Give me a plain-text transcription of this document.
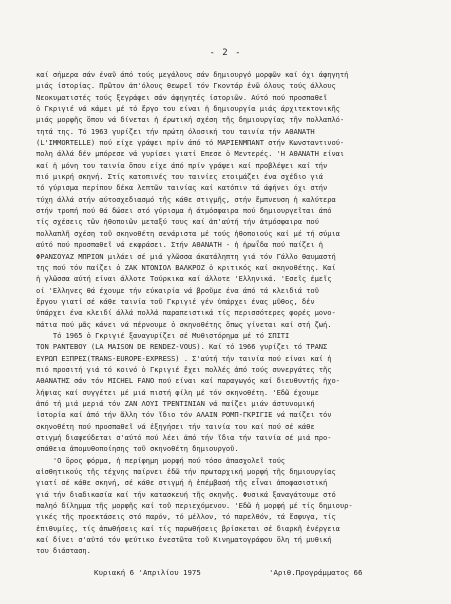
- 2 -
καί σήμερα σάν ένα̃ν άπό τούς μεγάλους σάν δημιουργό μορφῶν καί όχι άφηγητή
μιάς ίστορίας. Πρῶτον ἀπ'όλους θεωρεῖ τόν Γκοντάρ ἐνῶ όλους τούς άλλους
Νεοκυματιστές τούς ξεγράφει σάν άφηγητές ίστοριῶν. Αύτό πού προσπαθεῖ
ὁ Γκριγιέ νά κάμει μέ τό ἔργο του είναι ἡ δημιουργία μιάς άρχιτεκτονικῆς
μιάς μορφῆς ὅπου νά δίνεται ἡ έρωτική σχέση τῆς δημιουργίας τῆν πολλαπλό-
τητά της. Τό 1963 γυρίζει τήν πρώτη όλοσική του ταινία τήν ΑΘΑΝΑΤΗ
(L'IMMORTELLE) πού είχε γράψει πρίν άπό τό ΜΑΡΙΕΝΜΠΑΝΤ στήν Κωνσταντινού-
πολη άλλά δέν μπόρεσε νά γυρίσει γιατί Επεσε ὁ Μεντερές. 'Η ΑΘΑΝΑΤΗ είναι
καί ἡ μόνη του ταινία ὅπου είχε άπό πρίν γράψει καί προβλέψει καί τήν
πιό μικρή σκηνή. Στίς κατοπινές του ταινίες ετοιμάζει ένα σχέδιο γιά
τό γύρισμα περίπου δέκα λεπτῶν ταινίας καί κατόπιν τά άφήνει όχι στήν
τύχη άλλά στήν αύτοσχεδιασμό τῆς κάθε στιγμῆς, στήν ἔμπνευση ἡ καλύτερα
στήν τροπή πού θά δώσει στό γύρισμα ἡ άτμόσφαιρα πού δημιουργεῖται άπό
τίς σχέσεις τῶν ἡθοποιῶν μεταξύ τους καί ἀπ'αύτή τήν ἀτμόσφαιρα πού
πολλαπλῆ σχέση τοῦ σκηνοθέτη σενάριστα μέ τούς ἡθοποιούς καί μέ τή σύμια
αύτό πού προσπαθεῖ νά εκφράσει. Στήν ΑΘΑΝΑΤΗ - ἡ ἡρωΐδα πού παίζει ἡ
ΦΡΑΝΣΟΥΑΖ ΜΠΡΙΟΝ μιλάει σέ μιά γλῶσσα άκατάληπτη γιά τόν Γάλλο θαυμαστή
της πού τόν παίζει ὁ ΖΑΚ ΝΤΟΝΙΟΛ ΒΑΛΚΡΟΖ ὁ κριτικός καί σκηνοθέτης. Καί
ἡ γλῶσσα αύτή είναι άλλοτε Τούρκικα καί άλλοτε 'Ελληνικά. 'Εσεῖς έμεῖς
οί 'Ελληνες θά έχουμε τήν εύκαιρία νά βροῦμε ένα άπό τά κλειδιά τοῦ
ἔργου γιατί σέ κάθε ταινία τοῦ Γκριγιέ γέν ὑπάρχει ένας μῦθος, δέν
ὑπάρχει ένα κλειδί άλλά πολλά παραπειστικά τίς περισσότερες φορές μονο-
πάτια πού μᾶς κάνει νά πέρνουμε ὁ σκηνοθέτης ὅπως γίνεται καί στή ζωή.
Τό 1965 ὁ Γκριγιέ ξαναγυρίζει σέ Μυθιστόρημα μέ τό ΣΠΙΤΙ
ΤΟΝ ΡΑΝΤΕΒΟΥ (LA MAISON DE RENDEZ-VOUS). Καί τό 1966 γυρίζει τό ΤΡΑΝΣ
ΕΥΡΩΠ ΕΞΠΡΕΣ(TRANS-EUROPE-EXPRESS) . Σ'αύτή τήν ταινία πού είναι καί ἡ
πιό προσιτή γιά τό κοινό ὁ Γκριγιέ ἔχει πολλές ἀπό τούς συνεργάτες τῆς
ΑΘΑΝΑΤΗΣ σάν τόν MICHEL FANO πού είναι καί παραγωγός καί διευθυντής ἠχο-
λήψιας καί συγγέτει μέ μιά πιστή φίλη μέ τόν σκηνοθέτη. 'Εδῶ έχουμε
ἀπό τή μιά μεριά τόν ΖΑΝ ΛΟΥΙ ΤΡΕΝΤΙΝΙΑΝ νά παίζει μιάν άστυνομική
ἱστορία καί ἀπό τήν ἄλλη τόν ἴδιο τόν ΑΛΑΙΝ ΡΟΜΠ-ΓΚΡΙΓΙΕ νά παίζει τόν
σκηνοθέτη πού προσπαθεῖ νά ἐξηγήσει τήν ταινία του καί πού σέ κάθε
στιγμή διαψεύδεται σ'αύτό πού λέει ἀπό τήν ἴδια τήν ταινία σέ μιά προ-
σπάθεια ἀπομυθοποίησης τοῦ σκηνοθέτη δημιουργοῦ.
'Ο ὅρος φόρμα, ἡ περίφημη μορφή πού τόσο ἀπασχολεῖ τούς
αἰσθητικούς τῆς τέχνης παίρνει ἐδῶ τήν πρωταρχική μορφή τῆς δημιουργίας
γιατί σέ κάθε σκηνή, σέ κάθε στιγμή ἡ ἐπέμβασή τῆς εἶναι ἀποφασιστική
γιά τήν διαδικασία καί τήν κατασκευή τῆς σκηνῆς. Φυσικά ξαναγάτουμε στό
παληό δίλημμα τῆς μορφῆς καί τοῦ περιεχόμενου. 'Εδῶ ἡ μορφή μέ τίς δημιουρ-
γικές τῆς προεκτάσεις στό παρόν, τό μέλλον, τό παρελθόν, τά ἔσφυγα, τίς
ἐπιθυμίες, τίς ἀπωθήσεις καί τίς παρωθήσεις βρίσκεται σέ διαρκῆ ἐνέργεια
καί δίνει σ'αὐτό τόν ψεύτικο ἐνεστῶτα τοῦ Κινηματογράφου ὅλη τή μυθική
του διάσταση.

Κυριακή 6 'Απριλίου 1975

	'Αριθ.Προγράμματος 66
